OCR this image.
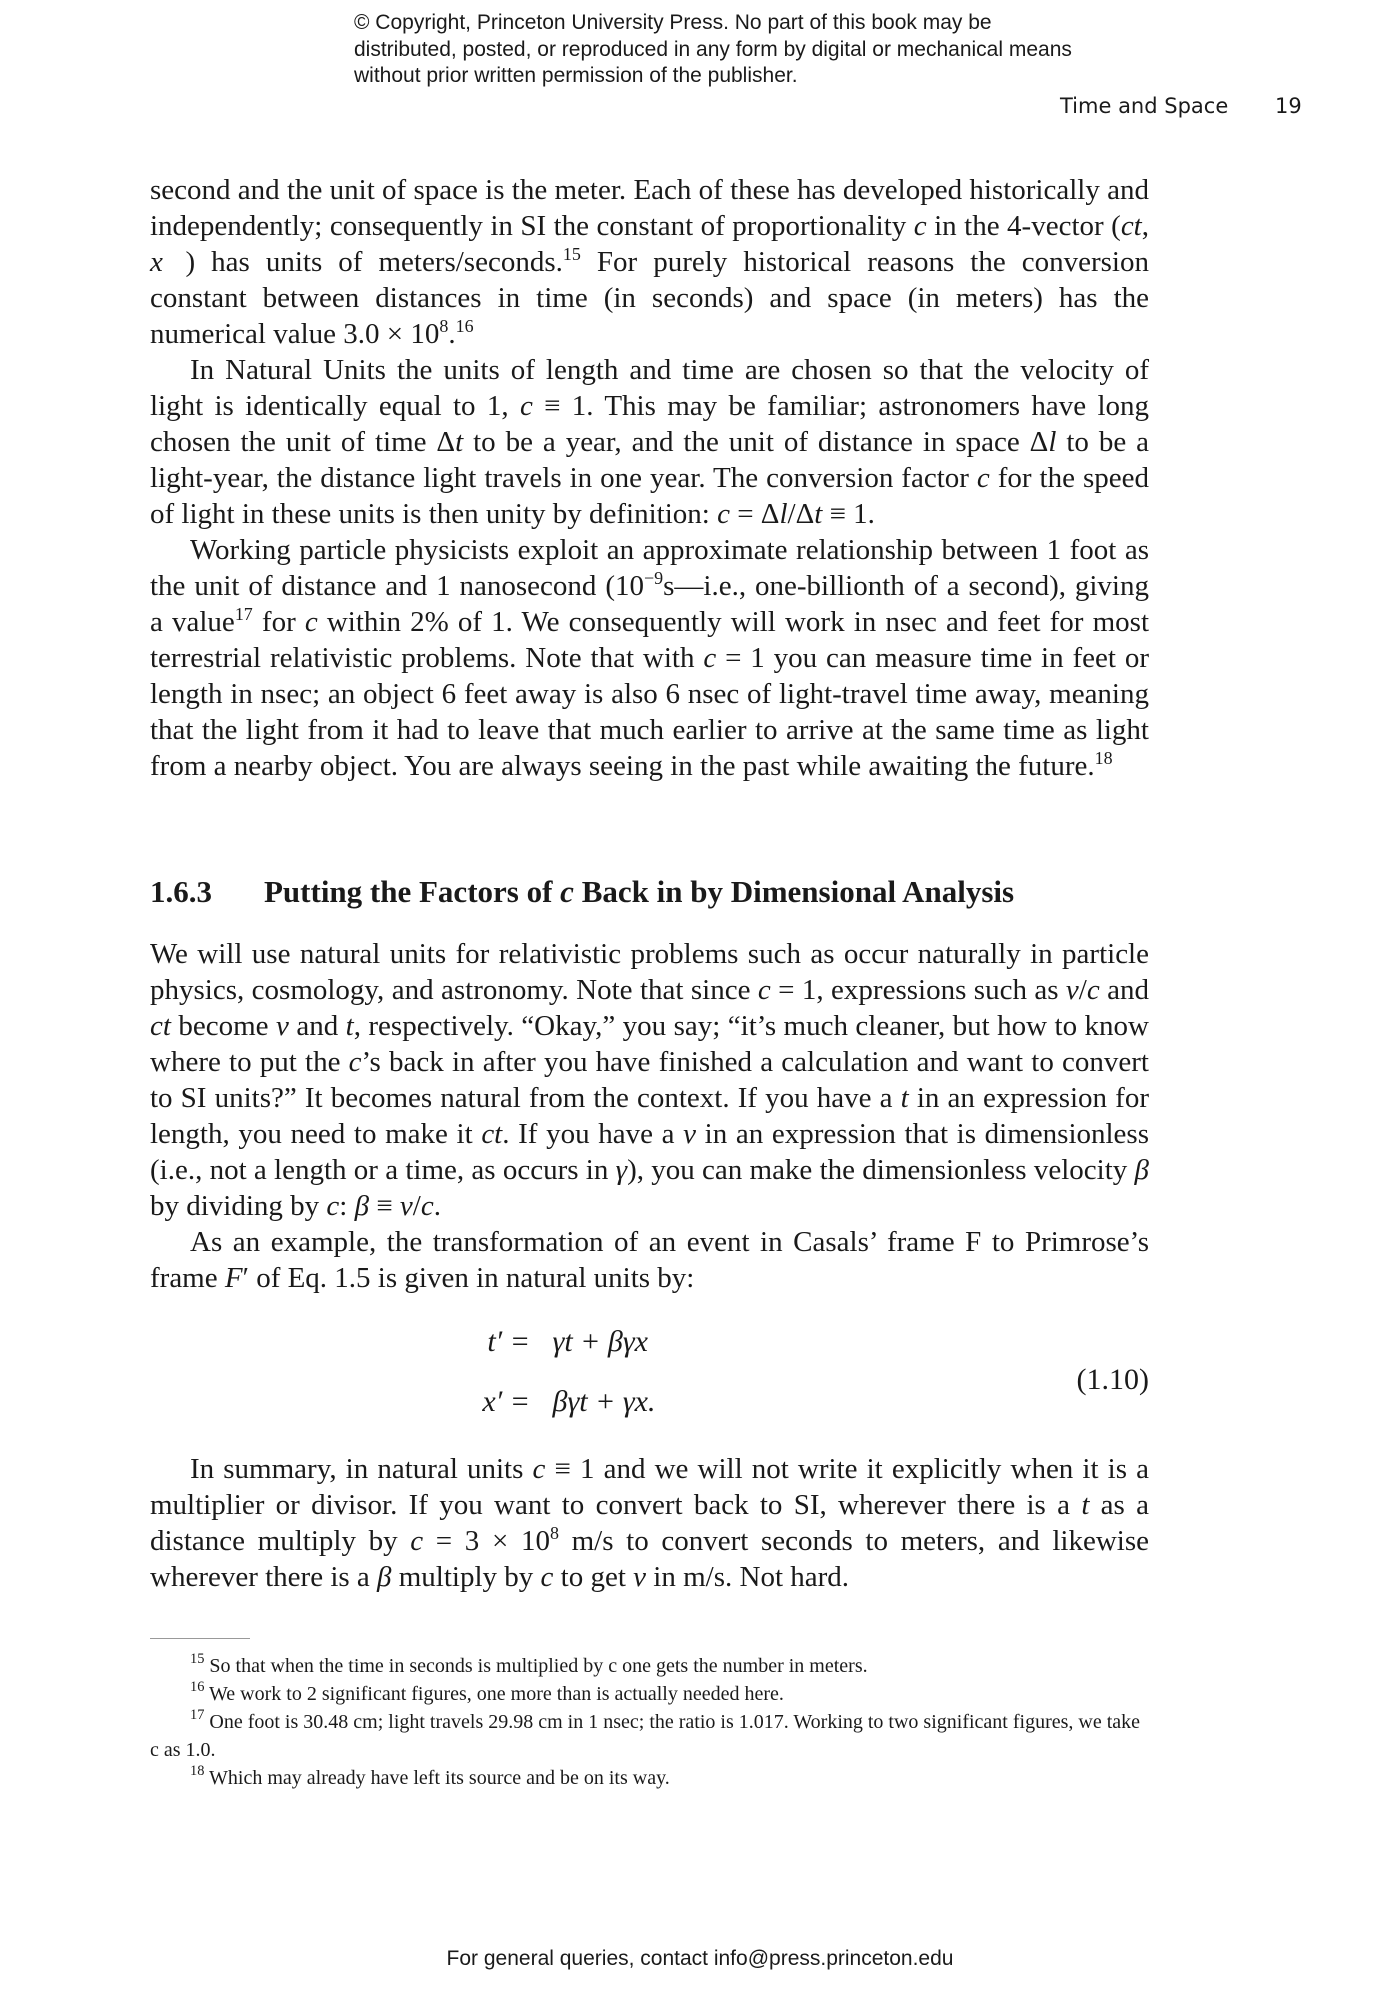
© Copyright, Princeton University Press. No part of this book may be distributed, posted, or reproduced in any form by digital or mechanical means without prior written permission of the publisher.
Time and Space 19

second and the unit of space is the meter. Each of these has developed historically and independently; consequently in SI the constant of proportionality c in the 4-vector (ct, x⃗) has units of meters/seconds.$^{15}$ For purely historical reasons the conversion constant between distances in time (in seconds) and space (in meters) has the numerical value $3.0 \times 10^8.^{16}$

In Natural Units the units of length and time are chosen so that the velocity of light is identically equal to 1, c ≡ 1. This may be familiar; astronomers have long chosen the unit of time Δt to be a year, and the unit of distance in space Δl to be a light-year, the distance light travels in one year. The conversion factor c for the speed of light in these units is then unity by definition: c = Δl/Δt ≡ 1.

Working particle physicists exploit an approximate relationship between 1 foot as the unit of distance and 1 nanosecond ($10^{-9}s—i.e$., one-billionth of a second), giving a value$^{17}$ for c within 2% of 1. We consequently will work in nsec and feet for most terrestrial relativistic problems. Note that with c = 1 you can measure time in feet or length in nsec; an object 6 feet away is also 6 nsec of light-travel time away, meaning that the light from it had to leave that much earlier to arrive at the same time as light from a nearby object. You are always seeing in the past while awaiting the future.$^{18}$

1.6.3 Putting the Factors of c Back in by Dimensional Analysis

We will use natural units for relativistic problems such as occur naturally in particle physics, cosmology, and astronomy. Note that since c = 1, expressions such as v/c and ct become v and t, respectively. “Okay,” you say; “it’s much cleaner, but how to know where to put the c’s back in after you have finished a calculation and want to convert to SI units?” It becomes natural from the context. If you have a t in an expression for length, you need to make it ct. If you have a v in an expression that is dimensionless (i.e., not a length or a time, as occurs in γ), you can make the dimensionless velocity β by dividing by c: β ≡ v/c.

As an example, the transformation of an event in Casals’ frame F to Primrose’s frame F′ of Eq. 1.5 is given in natural units by:

t′ = γt + βγx
x′ = βγt + γx.
(1.10)

In summary, in natural units c ≡ 1 and we will not write it explicitly when it is a multiplier or divisor. If you want to convert back to SI, wherever there is a t as a distance multiply by $c = 3 \times 10^8$ m/s to convert seconds to meters, and likewise wherever there is a β multiply by c to get v in m/s. Not hard.

$^{15}$ So that when the time in seconds is multiplied by c one gets the number in meters.

$^{16}$ We work to 2 significant figures, one more than is actually needed here.

$^{17}$ One foot is 30.48 cm; light travels 29.98 cm in 1 nsec; the ratio is 1.017. Working to two significant figures, we take c as 1.0.

$^{18}$ Which may already have left its source and be on its way.

For general queries, contact info@press.princeton.edu
